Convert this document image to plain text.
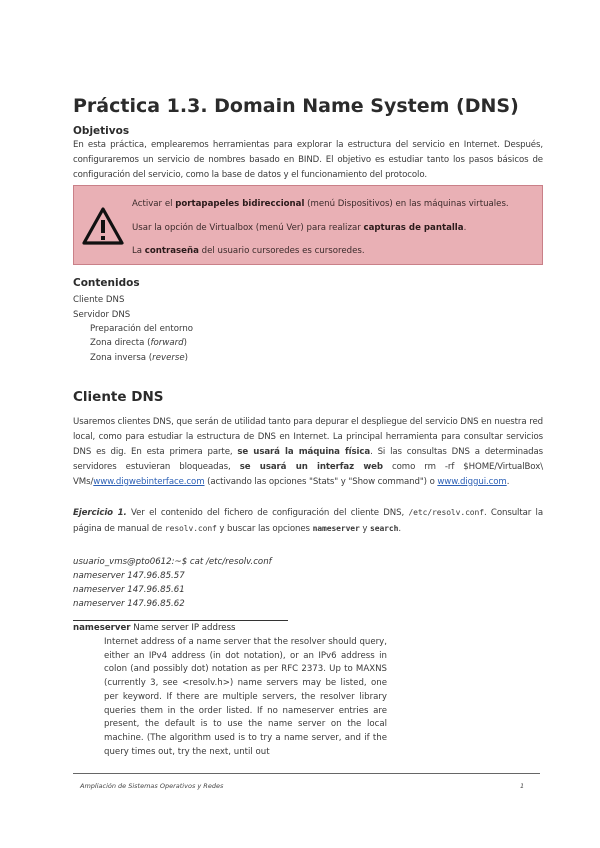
Práctica 1.3. Domain Name System (DNS)
Objetivos
En esta práctica, emplearemos herramientas para explorar la estructura del servicio en Internet. Después, configuraremos un servicio de nombres basado en BIND. El objetivo es estudiar tanto los pasos básicos de configuración del servicio, como la base de datos y el funcionamiento del protocolo.
Activar el portapapeles bidireccional (menú Dispositivos) en las máquinas virtuales.
Usar la opción de Virtualbox (menú Ver) para realizar capturas de pantalla.
La contraseña del usuario cursoredes es cursoredes.
Contenidos
Cliente DNS
Servidor DNS
Preparación del entorno
Zona directa (forward)
Zona inversa (reverse)
Cliente DNS
Usaremos clientes DNS, que serán de utilidad tanto para depurar el despliegue del servicio DNS en nuestra red local, como para estudiar la estructura de DNS en Internet. La principal herramienta para consultar servicios DNS es dig. En esta primera parte, se usará la máquina física. Si las consultas DNS a determinadas servidores estuvieran bloqueadas, se usará un interfaz web como rm -rf $HOME/VirtualBox\ VMs/www.digwebinterface.com (activando las opciones "Stats" y "Show command") o www.diggui.com.
Ejercicio 1. Ver el contenido del fichero de configuración del cliente DNS, /etc/resolv.conf. Consultar la página de manual de resolv.conf y buscar las opciones nameserver y search.
usuario_vms@pto0612:~$ cat /etc/resolv.conf
nameserver 147.96.85.57
nameserver 147.96.85.61
nameserver 147.96.85.62
nameserver Name server IP address
Internet address of a name server that the resolver should query, either an IPv4 address (in dot notation), or an IPv6 address in colon (and possibly dot) notation as per RFC 2373. Up to MAXNS (currently 3, see <resolv.h>) name servers may be listed, one per keyword. If there are multiple servers, the resolver library queries them in the order listed. If no nameserver entries are present, the default is to use the name server on the local machine. (The algorithm used is to try a name server, and if the query times out, try the next, until out
Ampliación de Sistemas Operativos y Redes	1
